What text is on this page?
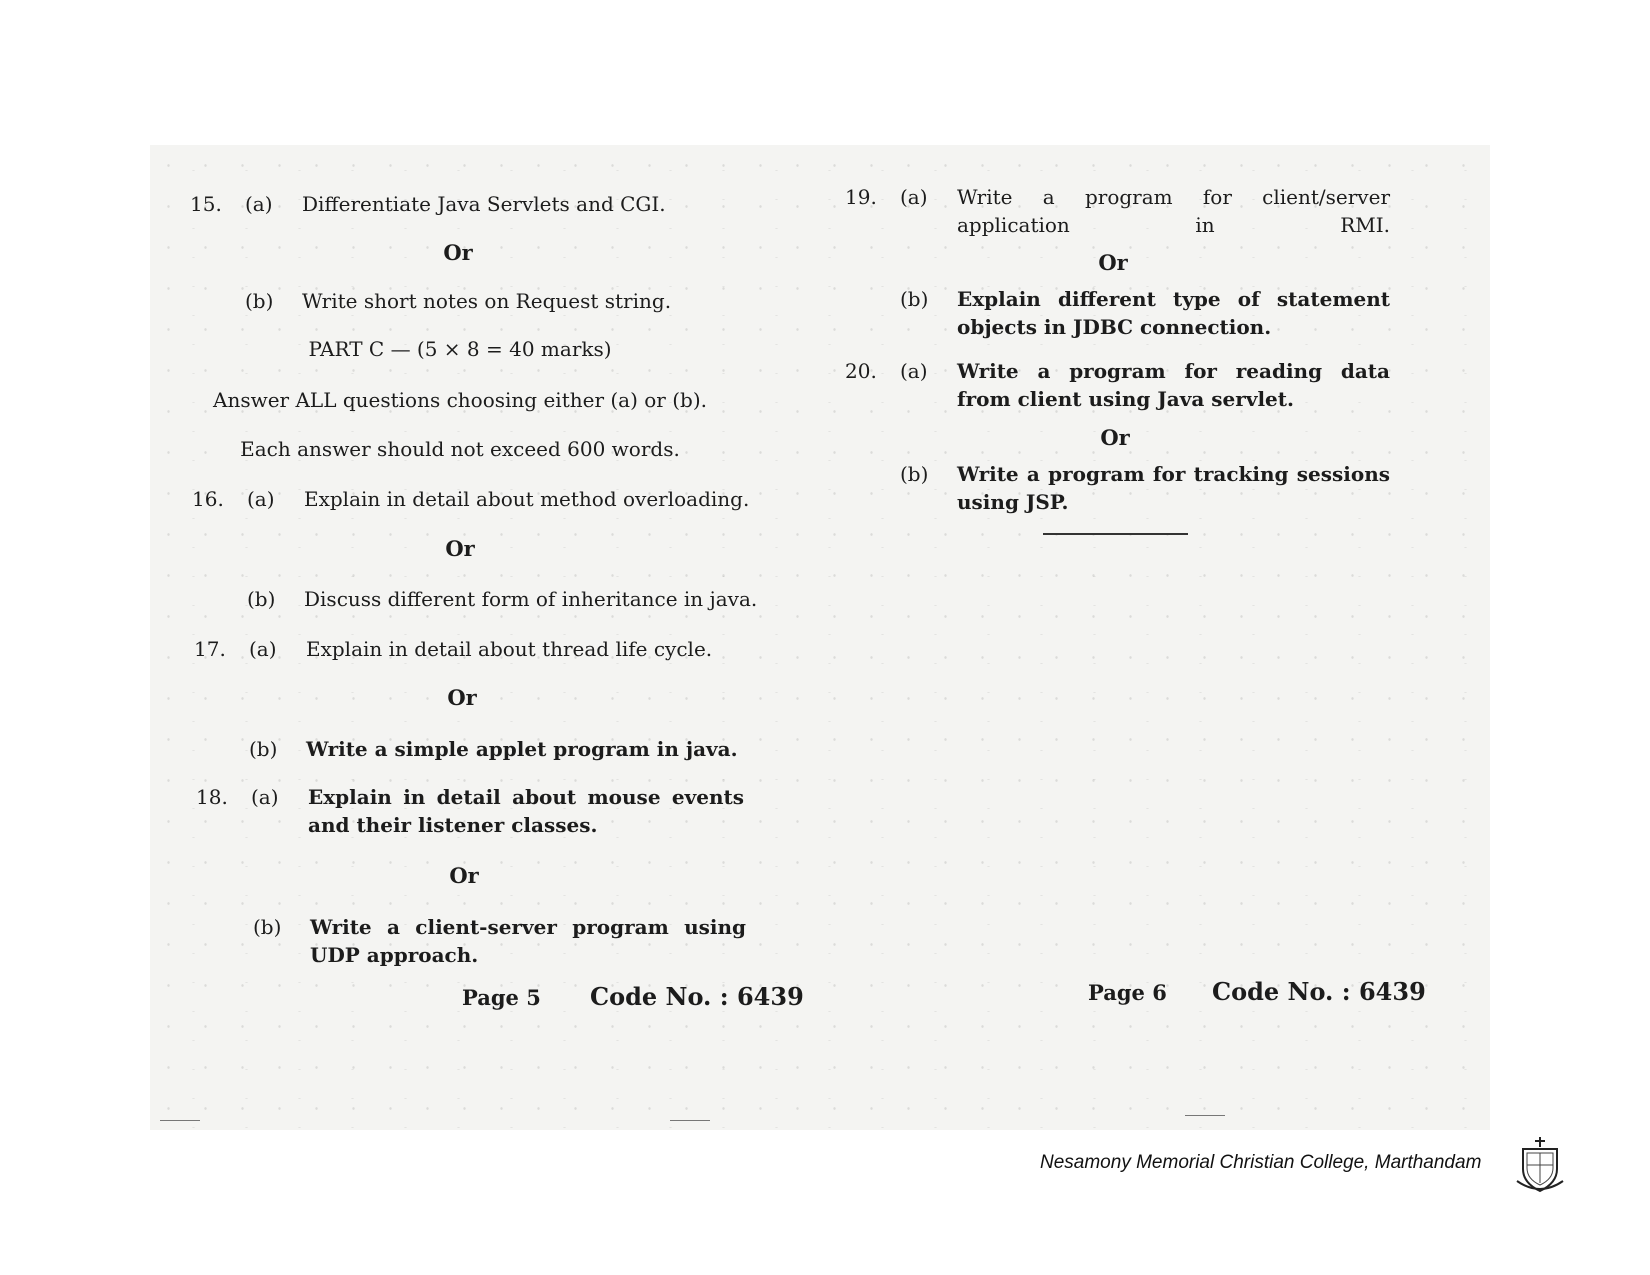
15. (a) Differentiate Java Servlets and CGI.
Or
(b) Write short notes on Request string.
PART C — (5 × 8 = 40 marks)
Answer ALL questions choosing either (a) or (b).
Each answer should not exceed 600 words.
16. (a) Explain in detail about method overloading.
Or
(b) Discuss different form of inheritance in java.
17. (a) Explain in detail about thread life cycle.
Or
(b) Write a simple applet program in java.
18. (a) Explain in detail about mouse events and their listener classes.
Or
(b) Write a client-server program using UDP approach.
Page 5 Code No. : 6439
19. (a) Write a program for client/server application in RMI.
Or
(b) Explain different type of statement objects in JDBC connection.
20. (a) Write a program for reading data from client using Java servlet.
Or
(b) Write a program for tracking sessions using JSP.
Page 6 Code No. : 6439
Nesamony Memorial Christian College, Marthandam
